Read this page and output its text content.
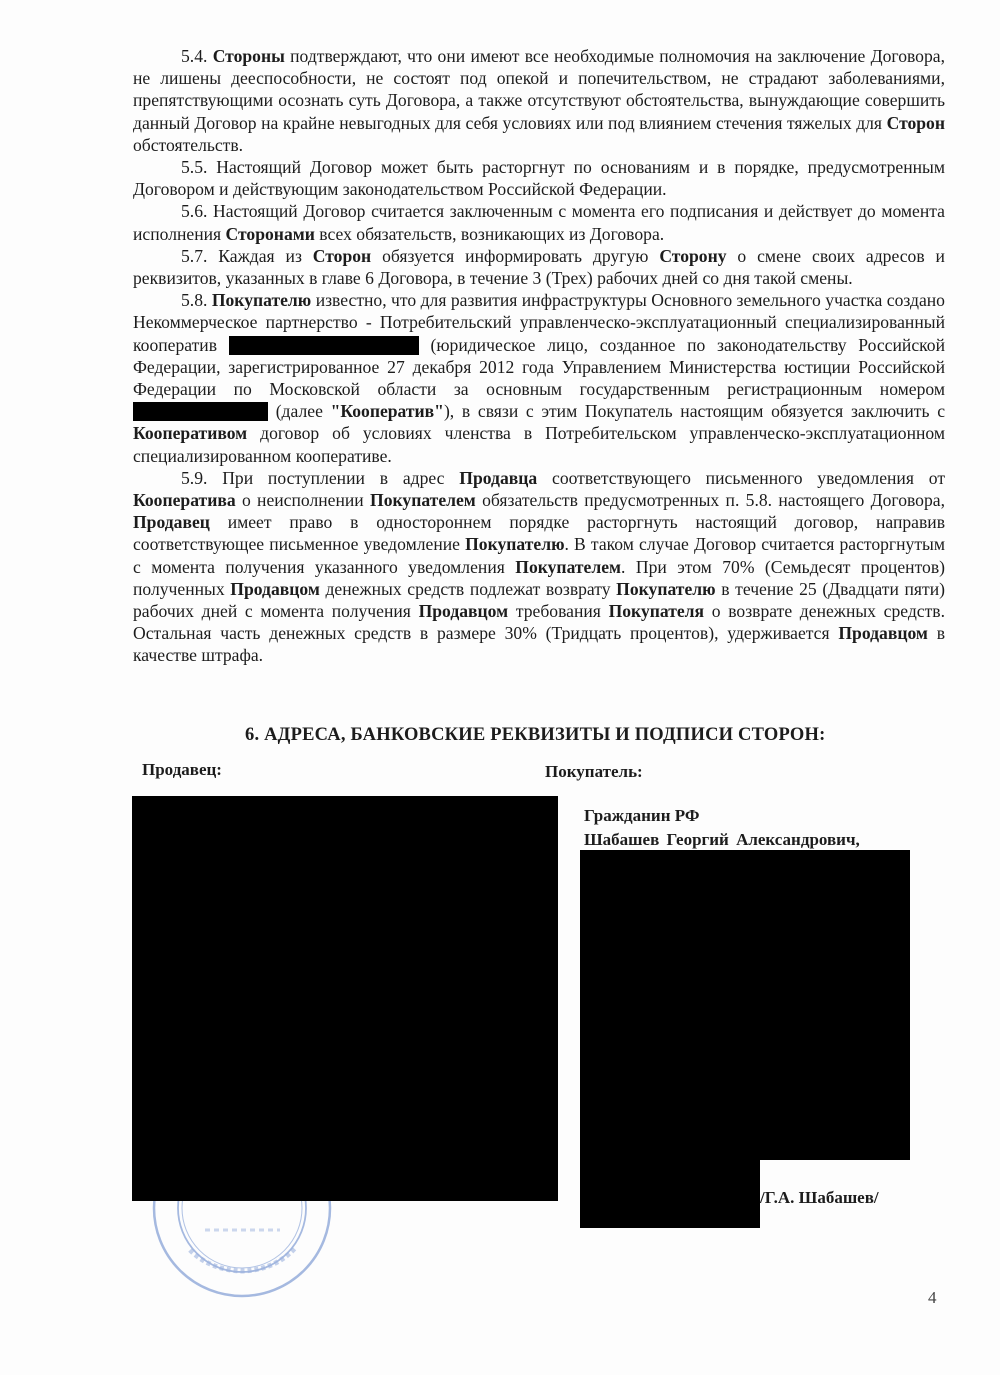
5.4. Стороны подтверждают, что они имеют все необходимые полномочия на заключение Договора, не лишены дееспособности, не состоят под опекой и попечительством, не страдают заболеваниями, препятствующими осознать суть Договора, а также отсутствуют обстоятельства, вынуждающие совершить данный Договор на крайне невыгодных для себя условиях или под влиянием стечения тяжелых для Сторон обстоятельств.

5.5. Настоящий Договор может быть расторгнут по основаниям и в порядке, предусмотренным Договором и действующим законодательством Российской Федерации.

5.6. Настоящий Договор считается заключенным с момента его подписания и действует до момента исполнения Сторонами всех обязательств, возникающих из Договора.

5.7. Каждая из Сторон обязуется информировать другую Сторону о смене своих адресов и реквизитов, указанных в главе 6 Договора, в течение 3 (Трех) рабочих дней со дня такой смены.

5.8. Покупателю известно, что для развития инфраструктуры Основного земельного участка создано Некоммерческое партнерство - Потребительский управленческо-эксплуатационный специализированный кооператив	(юридическое лицо, созданное по законодательству Российской Федерации, зарегистрированное 27 декабря 2012 года Управлением Министерства юстиции Российской Федерации по Московской области за основным государственным регистрационным номером  (далее "Кооператив"), в связи с этим Покупатель настоящим обязуется заключить с Кооперативом договор об условиях членства в Потребительском управленческо-эксплуатационном специализированном кооперативе.

5.9. При поступлении в адрес Продавца соответствующего письменного уведомления от Кооператива о неисполнении Покупателем обязательств предусмотренных п. 5.8. настоящего Договора, Продавец имеет право в одностороннем порядке расторгнуть настоящий договор, направив соответствующее письменное уведомление Покупателю. В таком случае Договор считается расторгнутым с момента получения указанного уведомления Покупателем. При этом 70% (Семьдесят процентов) полученных Продавцом денежных средств подлежат возврату Покупателю в течение 25 (Двадцати пяти) рабочих дней с момента получения Продавцом требования Покупателя о возврате денежных средств. Остальная часть денежных средств в размере 30% (Тридцать процентов), удерживается Продавцом в качестве штрафа.

6. АДРЕСА, БАНКОВСКИЕ РЕКВИЗИТЫ И ПОДПИСИ СТОРОН:
Продавец:	Покупатель:
Гражданин РФ
Шабашев Георгий Александрович,
/Г.А. Шабашев/
4
